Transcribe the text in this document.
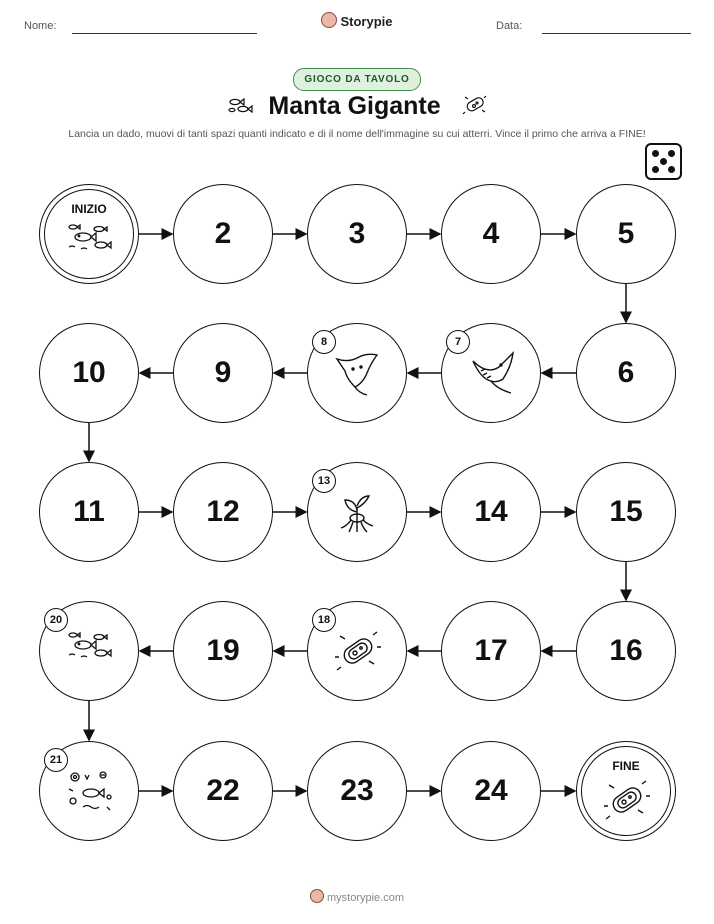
Nome:	Storypie	Data:
GIOCO DA TAVOLO
Manta Gigante
Lancia un dado, muovi di tanti spazi quanti indicato e di il nome dell'immagine su cui atterri. Vince il primo che arriva a FINE!
INIZIO
2	3	4	5
6
7
8
9
10
11	12
13
14	15
16
17
18
19
20
21
22	23	24
FINE
mystorypie.com
